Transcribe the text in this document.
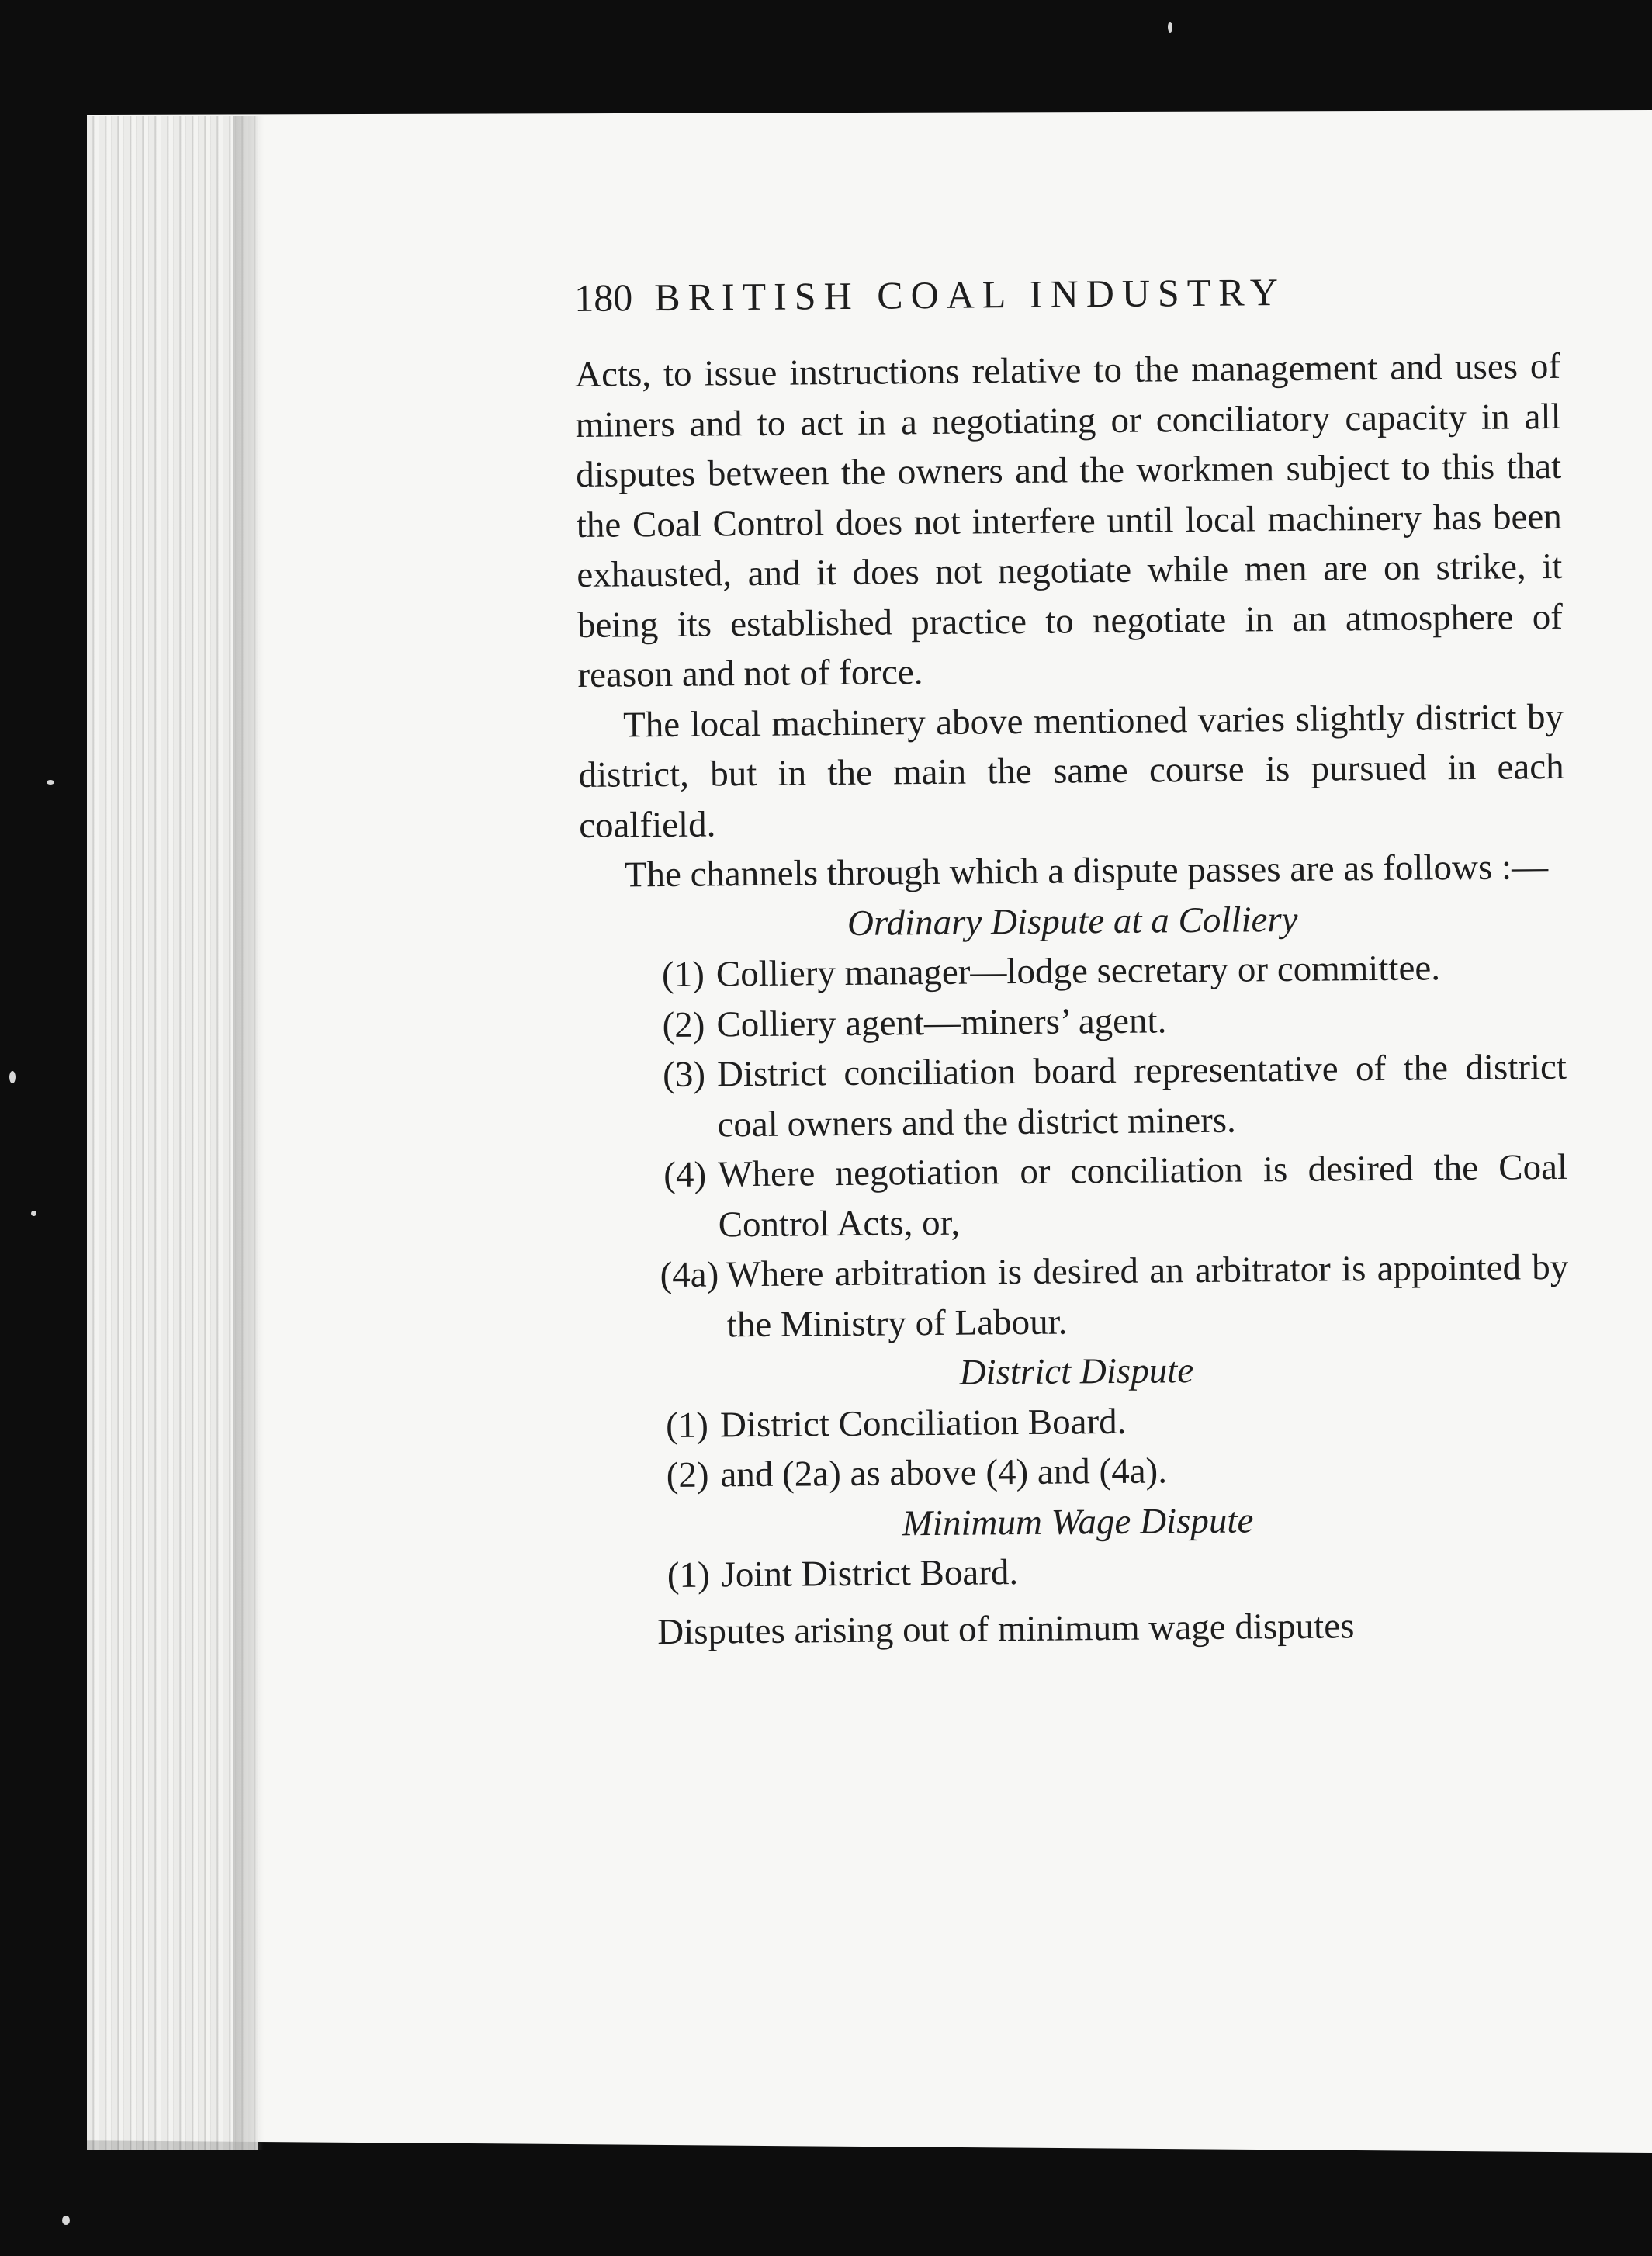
180 BRITISH COAL INDUSTRY

Acts, to issue instructions relative to the management and uses of miners and to act in a negotiating or conciliatory capacity in all disputes between the owners and the workmen subject to this that the Coal Control does not interfere until local machinery has been exhausted, and it does not negotiate while men are on strike, it being its established practice to negotiate in an atmosphere of reason and not of force.

The local machinery above mentioned varies slightly district by district, but in the main the same course is pursued in each coalfield.

The channels through which a dispute passes are as follows :—

Ordinary Dispute at a Colliery
(1) Colliery manager—lodge secretary or committee.
(2) Colliery agent—miners’ agent.
(3) District conciliation board representative of the district coal owners and the district miners.
(4) Where negotiation or conciliation is desired the Coal Control Acts, or,
(4a) Where arbitration is desired an arbitrator is appointed by the Ministry of Labour.
District Dispute
(1) District Conciliation Board.
(2) and (2a) as above (4) and (4a).
Minimum Wage Dispute
(1) Joint District Board.

Disputes arising out of minimum wage disputes
